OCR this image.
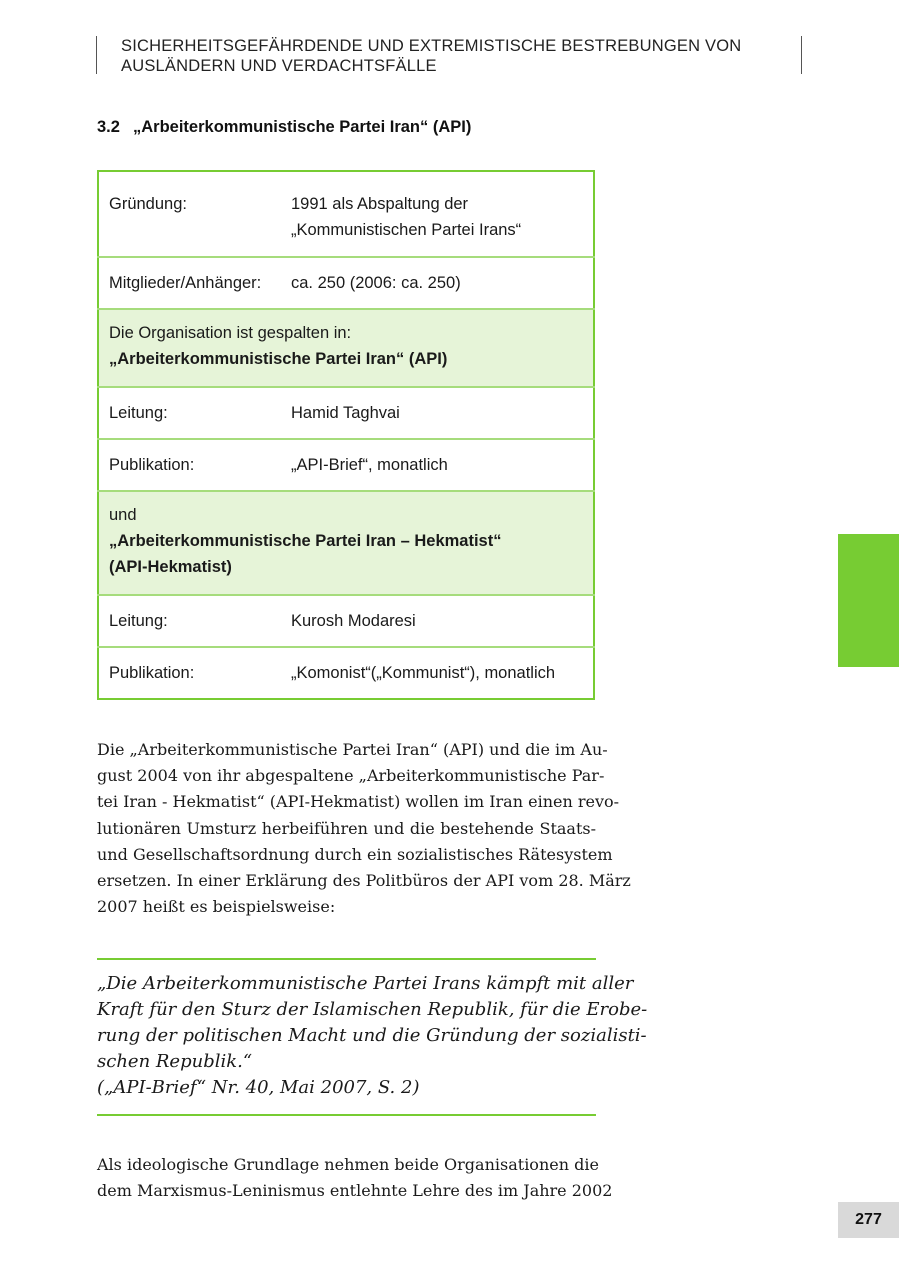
SICHERHEITSGEFÄHRDENDE UND EXTREMISTISCHE BESTREBUNGEN VON
AUSLÄNDERN UND VERDACHTSFÄLLE
3.2 „Arbeiterkommunistische Partei Iran“ (API)
Gründung:	1991 als Abspaltung der
„Kommunistischen Partei Irans“

Mitglieder/Anhänger:	ca. 250 (2006: ca. 250)

Die Organisation ist gespalten in:
„Arbeiterkommunistische Partei Iran“ (API)	

Leitung:	Hamid Taghvai
Publikation:	„API-Brief“, monatlich

und
„Arbeiterkommunistische Partei Iran – Hekmatist“
(API-Hekmatist)	

Leitung:	Kurosh Modaresi
Publikation:	„Komonist“(„Kommunist“), monatlich
Die „Arbeiterkommunistische Partei Iran“ (API) und die im Au-
gust 2004 von ihr abgespaltene „Arbeiterkommunistische Par-
tei Iran - Hekmatist“ (API-Hekmatist) wollen im Iran einen revo-
lutionären Umsturz herbeiführen und die bestehende Staats-
und Gesellschaftsordnung durch ein sozialistisches Rätesystem
ersetzen. In einer Erklärung des Politbüros der API vom 28. März
2007 heißt es beispielsweise:
„Die Arbeiterkommunistische Partei Irans kämpft mit aller
Kraft für den Sturz der Islamischen Republik, für die Erobe-
rung der politischen Macht und die Gründung der sozialisti-
schen Republik.“
(„API-Brief“ Nr. 40, Mai 2007, S. 2)
Als ideologische Grundlage nehmen beide Organisationen die
dem Marxismus-Leninismus entlehnte Lehre des im Jahre 2002
277
